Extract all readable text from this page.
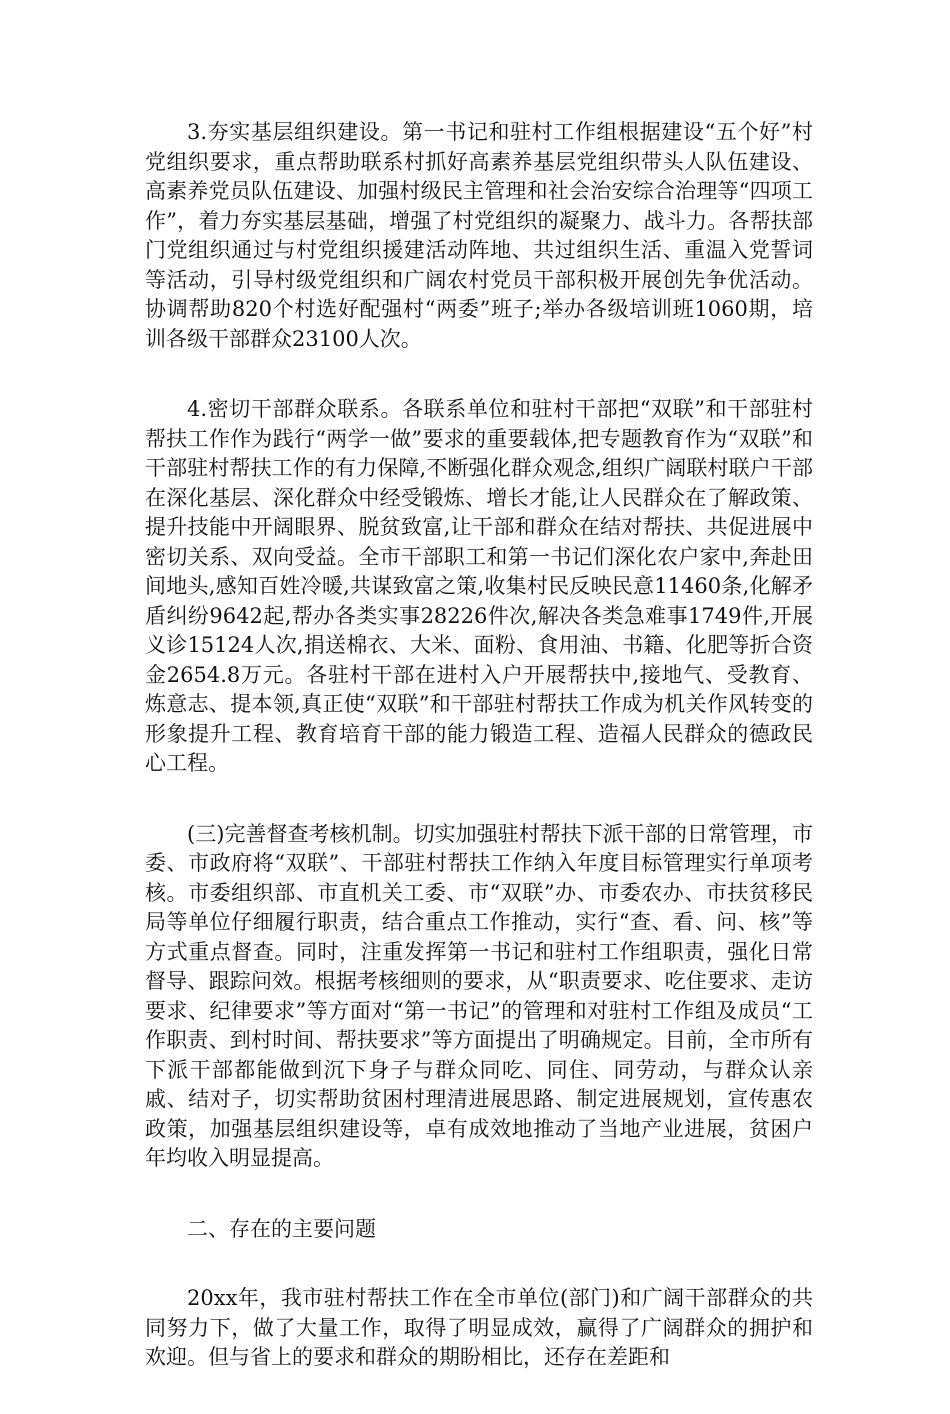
3.夯实基层组织建设。第一书记和驻村工作组根据建设“五个好”村党组织要求，重点帮助联系村抓好高素养基层党组织带头人队伍建设、高素养党员队伍建设、加强村级民主管理和社会治安综合治理等“四项工作”，着力夯实基层基础，增强了村党组织的凝聚力、战斗力。各帮扶部门党组织通过与村党组织援建活动阵地、共过组织生活、重温入党誓词等活动，引导村级党组织和广阔农村党员干部积极开展创先争优活动。协调帮助820个村选好配强村“两委”班子;举办各级培训班1060期，培训各级干部群众23100人次。

4.密切干部群众联系。各联系单位和驻村干部把“双联”和干部驻村帮扶工作作为践行“两学一做”要求的重要载体,把专题教育作为“双联”和干部驻村帮扶工作的有力保障,不断强化群众观念,组织广阔联村联户干部在深化基层、深化群众中经受锻炼、增长才能,让人民群众在了解政策、提升技能中开阔眼界、脱贫致富,让干部和群众在结对帮扶、共促进展中密切关系、双向受益。全市干部职工和第一书记们深化农户家中,奔赴田间地头,感知百姓冷暖,共谋致富之策,收集村民反映民意11460条,化解矛盾纠纷9642起,帮办各类实事28226件次,解决各类急难事1749件,开展义诊15124人次,捐送棉衣、大米、面粉、食用油、书籍、化肥等折合资金2654.8万元。各驻村干部在进村入户开展帮扶中,接地气、受教育、炼意志、提本领,真正使“双联”和干部驻村帮扶工作成为机关作风转变的形象提升工程、教育培育干部的能力锻造工程、造福人民群众的德政民心工程。

(三)完善督查考核机制。切实加强驻村帮扶下派干部的日常管理，市委、市政府将“双联”、干部驻村帮扶工作纳入年度目标管理实行单项考核。市委组织部、市直机关工委、市“双联”办、市委农办、市扶贫移民局等单位仔细履行职责，结合重点工作推动，实行“查、看、问、核”等方式重点督查。同时，注重发挥第一书记和驻村工作组职责，强化日常督导、跟踪问效。根据考核细则的要求，从“职责要求、吃住要求、走访要求、纪律要求”等方面对“第一书记”的管理和对驻村工作组及成员“工作职责、到村时间、帮扶要求”等方面提出了明确规定。目前，全市所有下派干部都能做到沉下身子与群众同吃、同住、同劳动，与群众认亲戚、结对子，切实帮助贫困村理清进展思路、制定进展规划，宣传惠农政策，加强基层组织建设等，卓有成效地推动了当地产业进展，贫困户年均收入明显提高。

二、存在的主要问题

20xx年，我市驻村帮扶工作在全市单位(部门)和广阔干部群众的共同努力下，做了大量工作，取得了明显成效，赢得了广阔群众的拥护和欢迎。但与省上的要求和群众的期盼相比，还存在差距和
